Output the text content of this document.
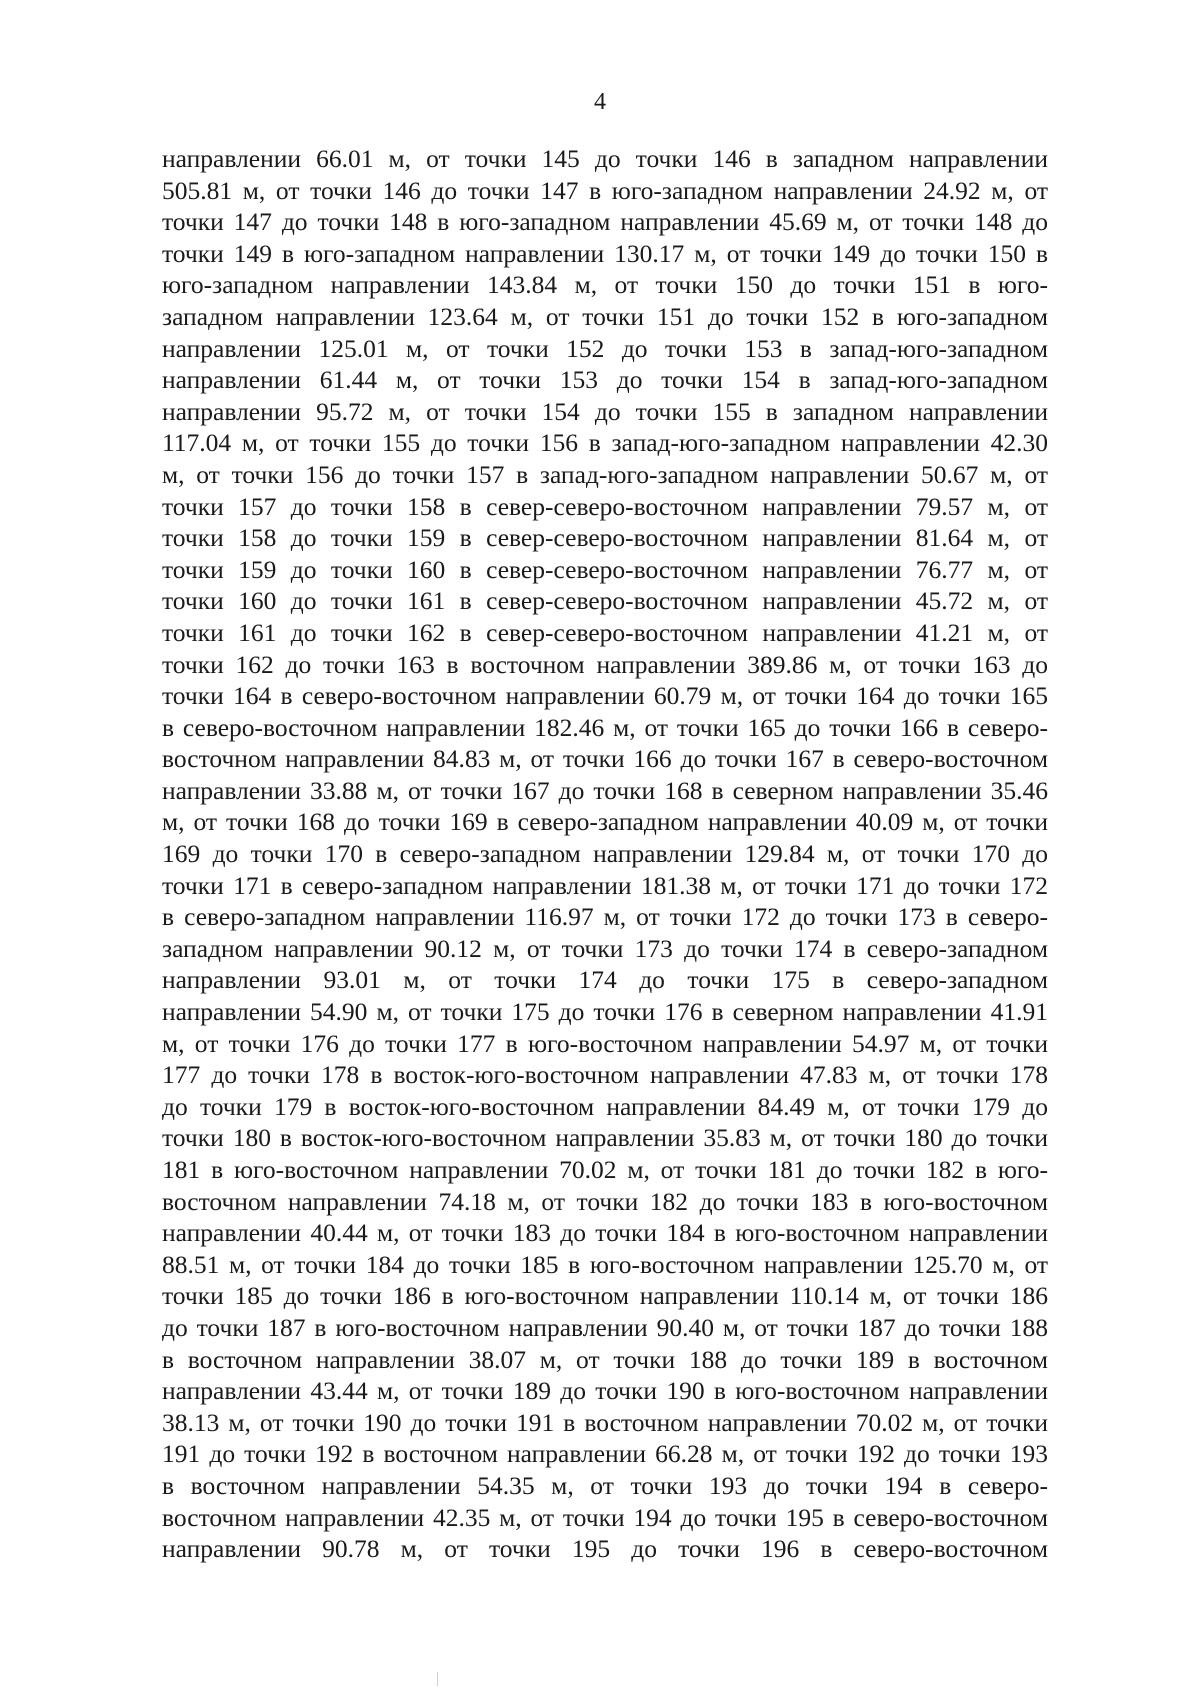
4
направлении 66.01 м, от точки 145 до точки 146 в западном направлении
505.81 м, от точки 146 до точки 147 в юго-западном направлении 24.92 м, от
точки 147 до точки 148 в юго-западном направлении 45.69 м, от точки 148 до
точки 149 в юго-западном направлении 130.17 м, от точки 149 до точки 150 в
юго-западном направлении 143.84 м, от точки 150 до точки 151 в юго-
западном направлении 123.64 м, от точки 151 до точки 152 в юго-западном
направлении 125.01 м, от точки 152 до точки 153 в запад-юго-западном
направлении 61.44 м, от точки 153 до точки 154 в запад-юго-западном
направлении 95.72 м, от точки 154 до точки 155 в западном направлении
117.04 м, от точки 155 до точки 156 в запад-юго-западном направлении 42.30
м, от точки 156 до точки 157 в запад-юго-западном направлении 50.67 м, от
точки 157 до точки 158 в север-северо-восточном направлении 79.57 м, от
точки 158 до точки 159 в север-северо-восточном направлении 81.64 м, от
точки 159 до точки 160 в север-северо-восточном направлении 76.77 м, от
точки 160 до точки 161 в север-северо-восточном направлении 45.72 м, от
точки 161 до точки 162 в север-северо-восточном направлении 41.21 м, от
точки 162 до точки 163 в восточном направлении 389.86 м, от точки 163 до
точки 164 в северо-восточном направлении 60.79 м, от точки 164 до точки 165
в северо-восточном направлении 182.46 м, от точки 165 до точки 166 в северо-
восточном направлении 84.83 м, от точки 166 до точки 167 в северо-восточном
направлении 33.88 м, от точки 167 до точки 168 в северном направлении 35.46
м, от точки 168 до точки 169 в северо-западном направлении 40.09 м, от точки
169 до точки 170 в северо-западном направлении 129.84 м, от точки 170 до
точки 171 в северо-западном направлении 181.38 м, от точки 171 до точки 172
в северо-западном направлении 116.97 м, от точки 172 до точки 173 в северо-
западном направлении 90.12 м, от точки 173 до точки 174 в северо-западном
направлении 93.01 м, от точки 174 до точки 175 в северо-западном
направлении 54.90 м, от точки 175 до точки 176 в северном направлении 41.91
м, от точки 176 до точки 177 в юго-восточном направлении 54.97 м, от точки
177 до точки 178 в восток-юго-восточном направлении 47.83 м, от точки 178
до точки 179 в восток-юго-восточном направлении 84.49 м, от точки 179 до
точки 180 в восток-юго-восточном направлении 35.83 м, от точки 180 до точки
181 в юго-восточном направлении 70.02 м, от точки 181 до точки 182 в юго-
восточном направлении 74.18 м, от точки 182 до точки 183 в юго-восточном
направлении 40.44 м, от точки 183 до точки 184 в юго-восточном направлении
88.51 м, от точки 184 до точки 185 в юго-восточном направлении 125.70 м, от
точки 185 до точки 186 в юго-восточном направлении 110.14 м, от точки 186
до точки 187 в юго-восточном направлении 90.40 м, от точки 187 до точки 188
в восточном направлении 38.07 м, от точки 188 до точки 189 в восточном
направлении 43.44 м, от точки 189 до точки 190 в юго-восточном направлении
38.13 м, от точки 190 до точки 191 в восточном направлении 70.02 м, от точки
191 до точки 192 в восточном направлении 66.28 м, от точки 192 до точки 193
в восточном направлении 54.35 м, от точки 193 до точки 194 в северо-
восточном направлении 42.35 м, от точки 194 до точки 195 в северо-восточном
направлении 90.78 м, от точки 195 до точки 196 в северо-восточном
